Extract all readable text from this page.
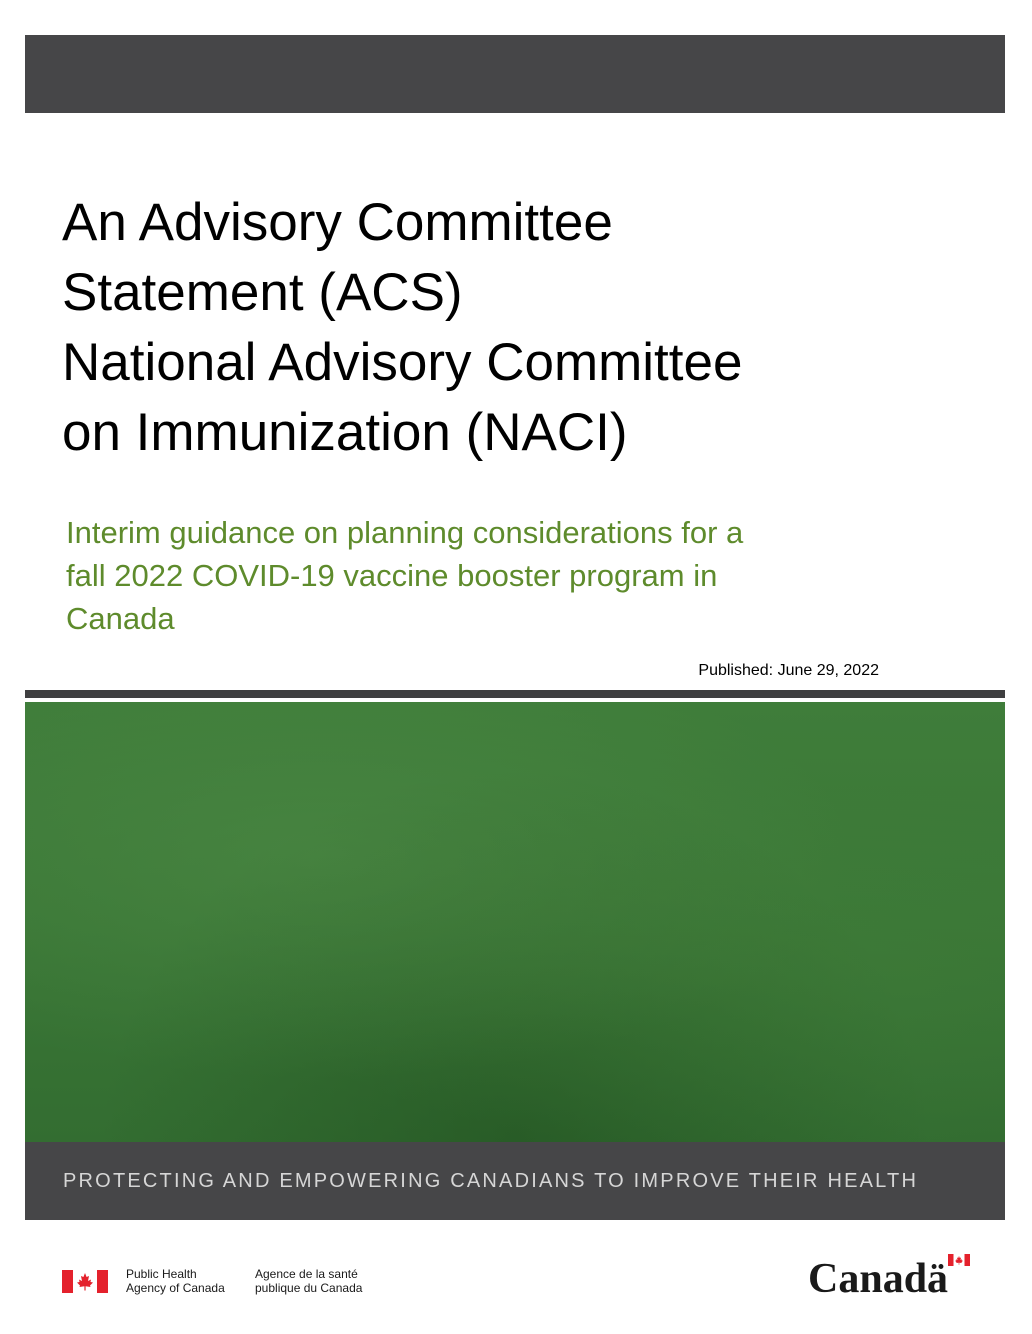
An Advisory Committee
Statement (ACS)
National Advisory Committee
on Immunization (NACI)
Interim guidance on planning considerations for a
fall 2022 COVID-19 vaccine booster program in
Canada
Published: June 29, 2022
PROTECTING AND EMPOWERING CANADIANS TO IMPROVE THEIR HEALTH
Public Health
Agency of Canada
Agence de la santé
publique du Canada	Canadä
